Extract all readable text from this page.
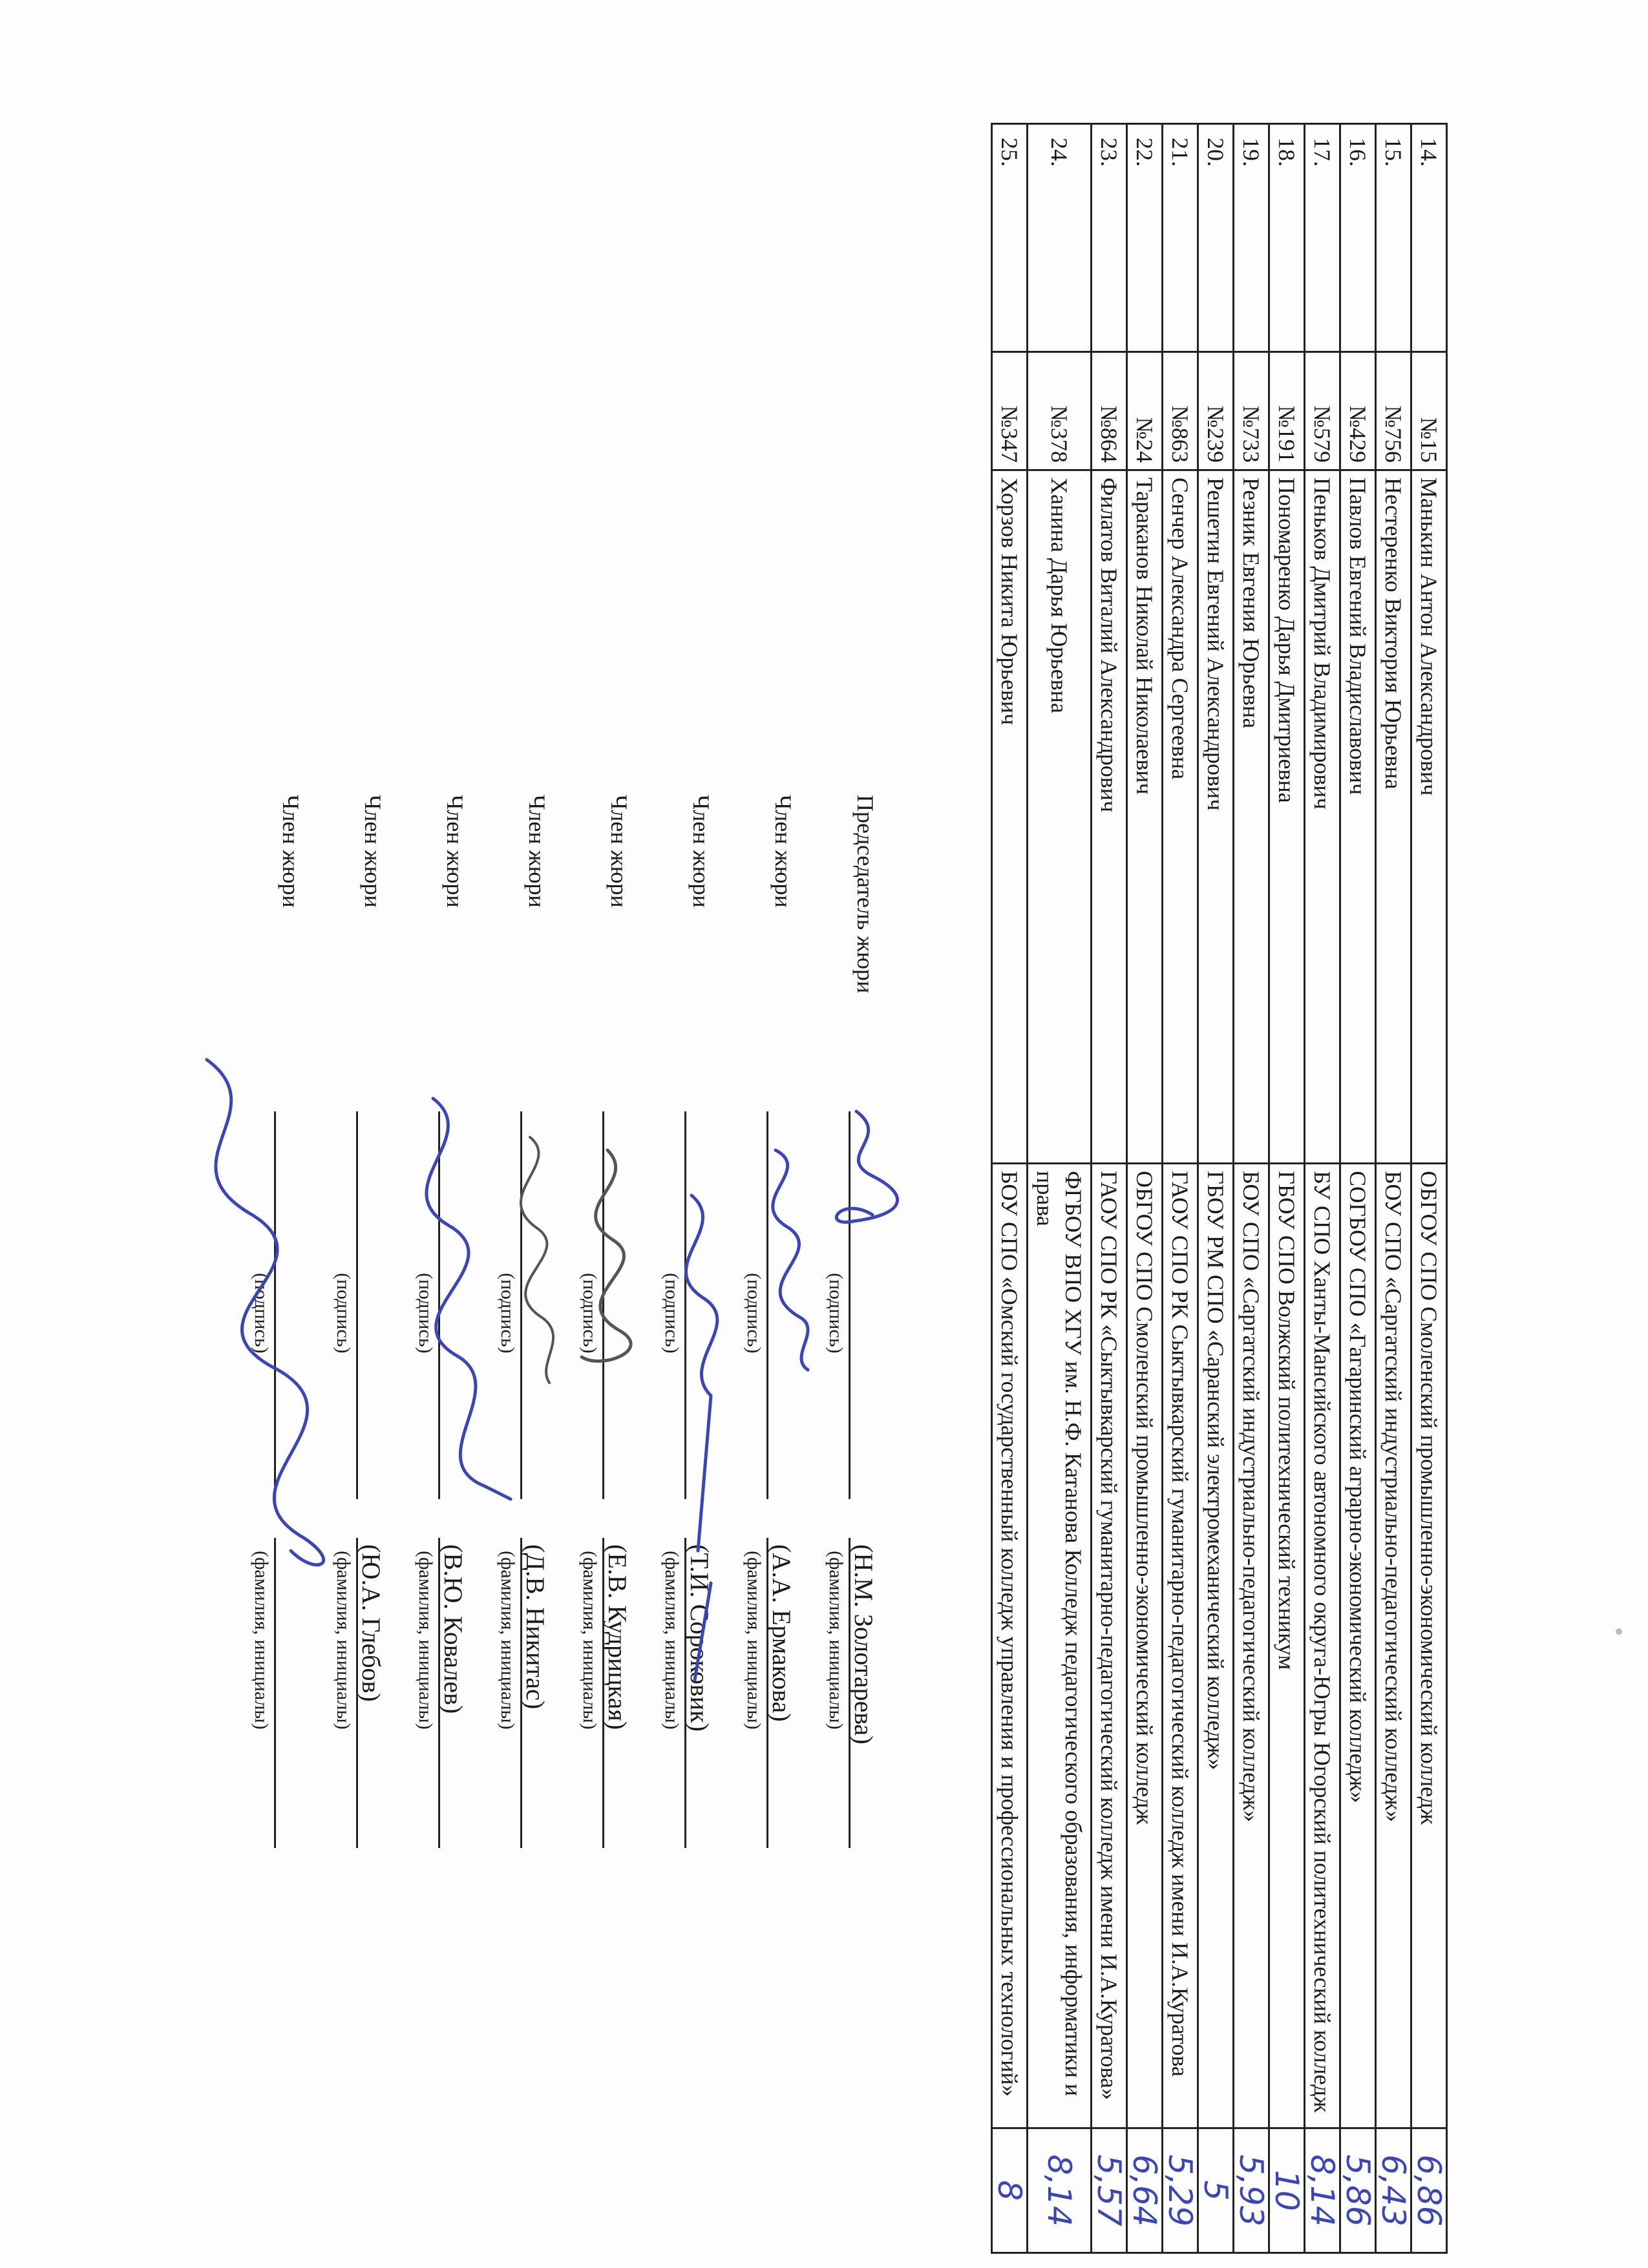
14.	№15	Манькин Антон Александрович	ОБГОУ СПО Смоленский промышленно-экономический колледж	6,86
15.	№756	Нестеренко Виктория Юрьевна	БОУ СПО «Саргатский индустриально-педагогический колледж»	6,43
16.	№429	Павлов Евгений Владиславович	СОГБОУ СПО «Гагаринский аграрно-экономический колледж»	5,86
17.	№579	Пеньков Дмитрий Владимирович	БУ СПО Ханты-Мансийского автономного округа-Югры Югорский политехнический колледж	8,14
18.	№191	Пономаренко Дарья Дмитриевна	ГБОУ СПО Волжский политехнический техникум	10
19.	№733	Резник Евгения Юрьевна	БОУ СПО «Саргатский индустриально-педагогический колледж»	5,93
20.	№239	Решетин Евгений Александрович	ГБОУ РМ СПО «Саранский электромеханический колледж»	5
21.	№863	Сенчер Александра Сергеевна	ГАОУ СПО РК Сыктывкарский гуманитарно-педагогический колледж имени И.А.Куратова	5,29
22.	№24	Тараканов Николай Николаевич	ОБГОУ СПО Смоленский промышленно-экономический колледж	6,64
23.	№864	Филатов Виталий Александрович	ГАОУ СПО РК «Сыктывкарский гуманитарно-педагогический колледж имени И.А.Куратова»	5,57
24.	№378	Ханина Дарья Юрьевна	ФГБОУ ВПО ХГУ им. Н.Ф. Катанова Колледж педагогического образования, информатики и права	8,14
25.	№347	Хорзов Никита Юрьевич	БОУ СПО «Омский государственный колледж управления и профессиональных технологий»	8
Председатель жюри
(подпись)
(Н.М. Золотарева)
(фамилия, инициалы)
Член жюри
(подпись)
(А.А. Ермакова)
(фамилия, инициалы)
Член жюри
(подпись)
(Т.И. Сороковик)
(фамилия, инициалы)
Член жюри
(подпись)
(Е.В. Кудрицкая)
(фамилия, инициалы)
Член жюри
(подпись)
(Д.В. Никитас)
(фамилия, инициалы)
Член жюри
(подпись)
(В.Ю. Ковалев)
(фамилия, инициалы)
Член жюри
(подпись)
(Ю.А. Глебов)
(фамилия, инициалы)
Член жюри
(подпись)
(фамилия, инициалы)
